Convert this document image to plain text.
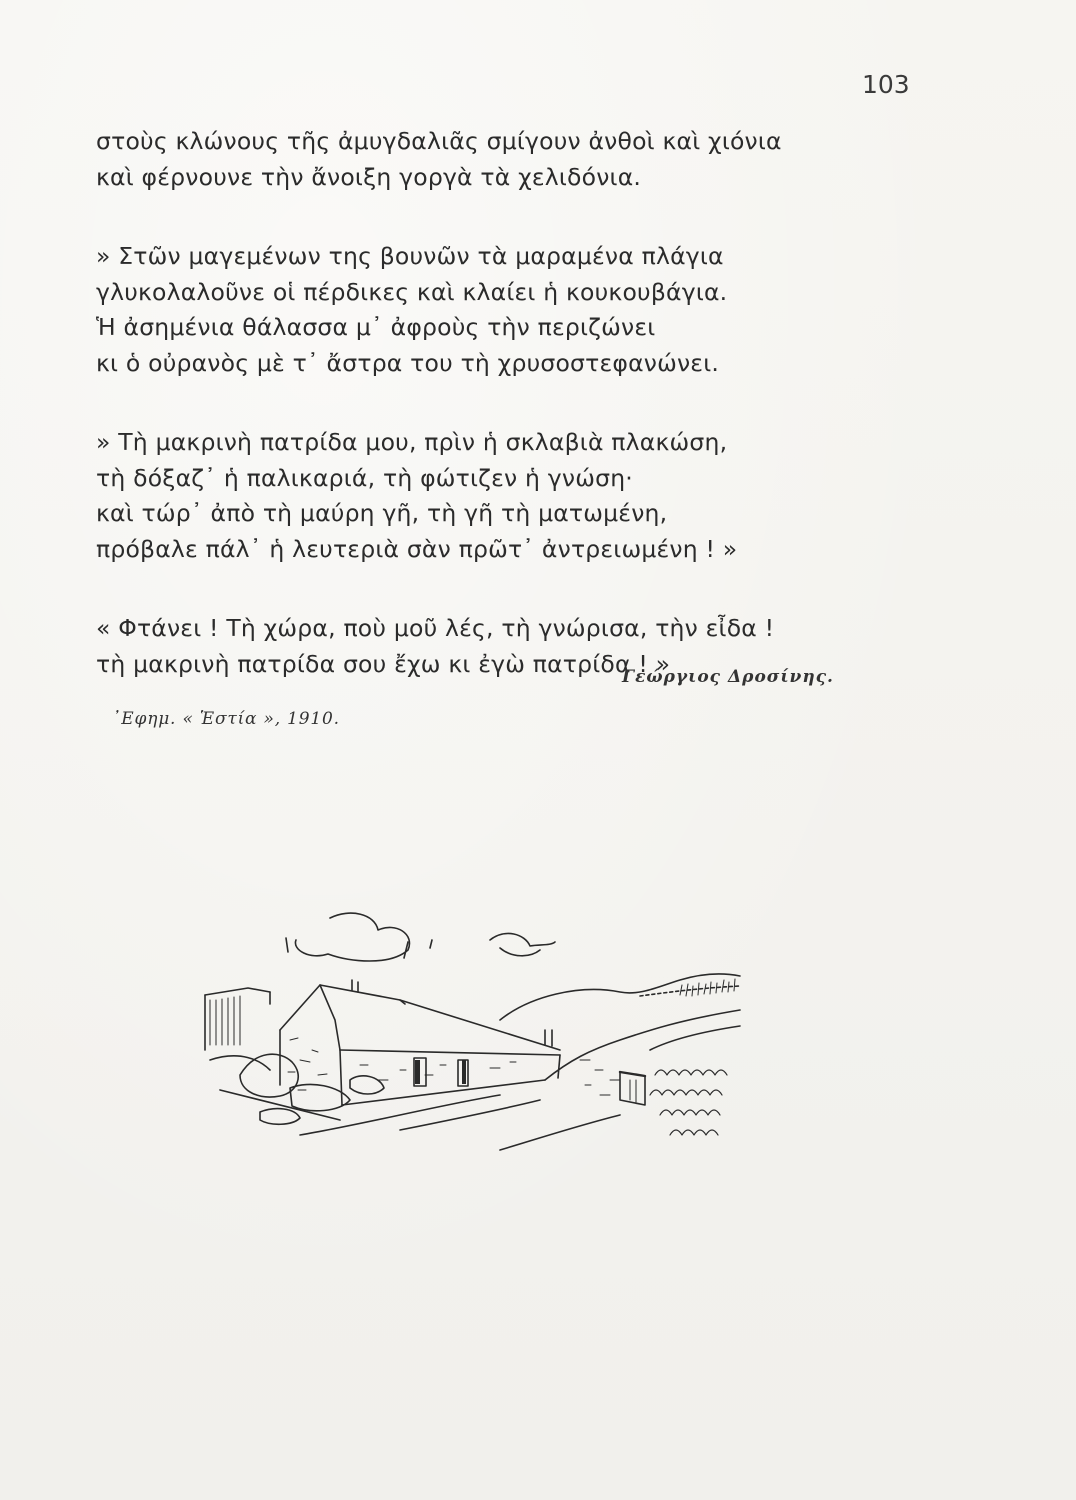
103
στοὺς κλώνους τῆς ἀμυγδαλιᾶς σμίγουν ἀνθοὶ καὶ χιόνια
καὶ φέρνουνε τὴν ἄνοιξη γοργὰ τὰ χελιδόνια.
» Στῶν μαγεμένων της βουνῶν τὰ μαραμένα πλάγια
γλυκολαλοῦνε οἱ πέρδικες καὶ κλαίει ἡ κουκουβάγια.
Ἡ ἀσημένια θάλασσα μ᾽ ἀφροὺς τὴν περιζώνει
κι ὁ οὐρανὸς μὲ τ᾽ ἄστρα του τὴ χρυσοστεφανώνει.
» Τὴ μακρινὴ πατρίδα μου, πρὶν ἡ σκλαβιὰ πλακώση,
τὴ δόξαζ᾽ ἡ παλικαριά, τὴ φώτιζεν ἡ γνώση·
καὶ τώρ᾽ ἀπὸ τὴ μαύρη γῆ, τὴ γῆ τὴ ματωμένη,
πρόβαλε πάλ᾽ ἡ λευτεριὰ σὰν πρῶτ᾽ ἀντρειωμένη ! »
« Φτάνει ! Τὴ χώρα, ποὺ μοῦ λές, τὴ γνώρισα, τὴν εἶδα !
τὴ μακρινὴ πατρίδα σου ἔχω κι ἐγὼ πατρίδα ! »
Γεώργιος Δροσίνης.
᾽Εφημ. « Ἑστία », 1910.
